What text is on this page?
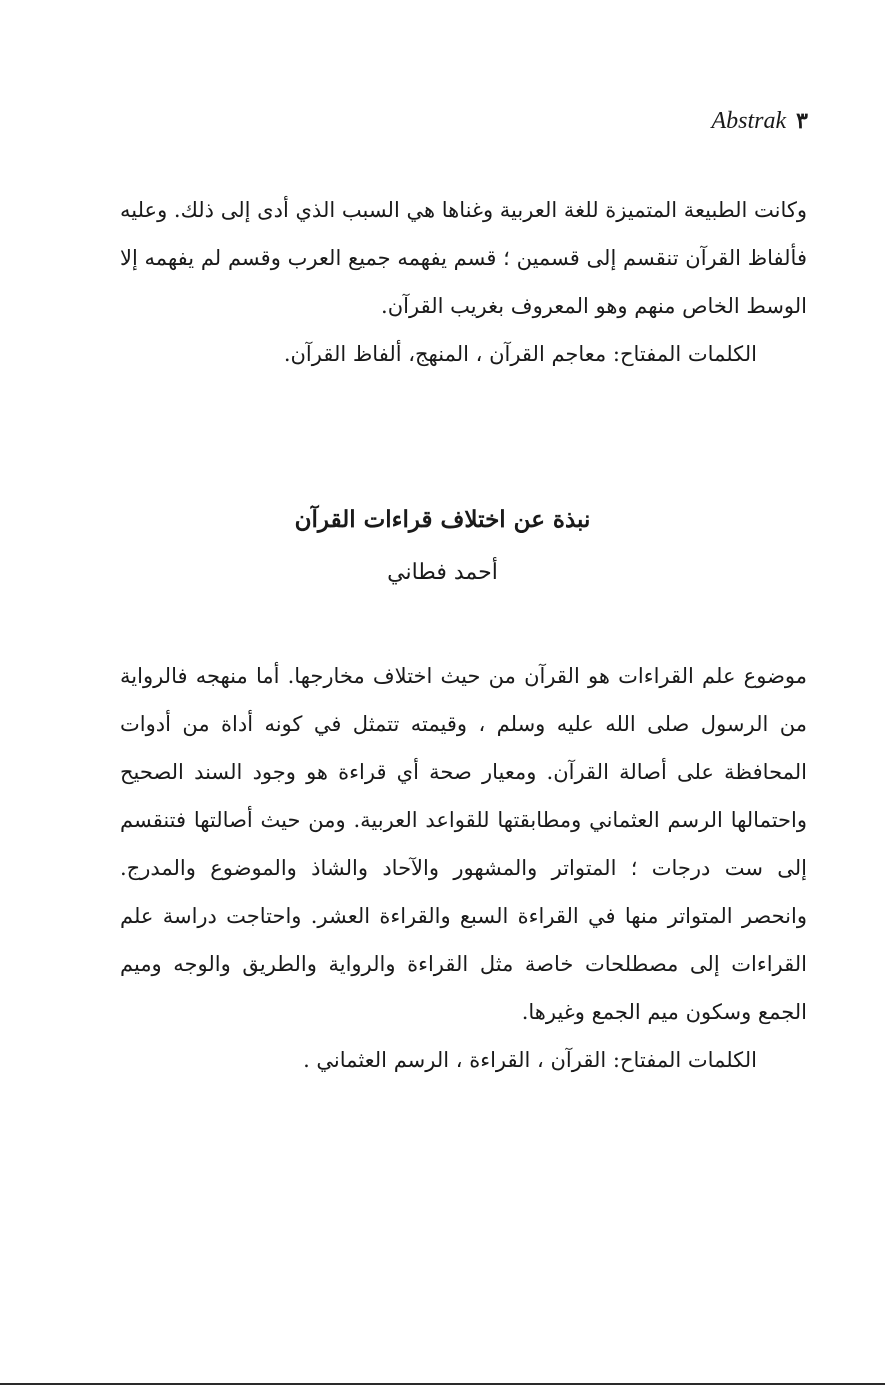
Abstrak ٣

وكانت الطبيعة المتميزة للغة العربية وغناها هي السبب الذي أدى إلى ذلك. وعليه فألفاظ القرآن تنقسم إلى قسمين ؛ قسم يفهمه جميع العرب وقسم لم يفهمه إلا الوسط الخاص منهم وهو المعروف بغريب القرآن.

الكلمات المفتاح: معاجم القرآن ، المنهج، ألفاظ القرآن.

نبذة عن اختلاف قراءات القرآن
أحمد فطاني

موضوع علم القراءات هو القرآن من حيث اختلاف مخارجها. أما منهجه فالرواية من الرسول صلى الله عليه وسلم ، وقيمته تتمثل في كونه أداة من أدوات المحافظة على أصالة القرآن. ومعيار صحة أي قراءة هو وجود السند الصحيح واحتمالها الرسم العثماني ومطابقتها للقواعد العربية. ومن حيث أصالتها فتنقسم إلى ست درجات ؛ المتواتر والمشهور والآحاد والشاذ والموضوع والمدرج. وانحصر المتواتر منها في القراءة السبع والقراءة العشر. واحتاجت دراسة علم القراءات إلى مصطلحات خاصة مثل القراءة والرواية والطريق والوجه وميم الجمع وسكون ميم الجمع وغيرها.

الكلمات المفتاح: القرآن ، القراءة ، الرسم العثماني .
